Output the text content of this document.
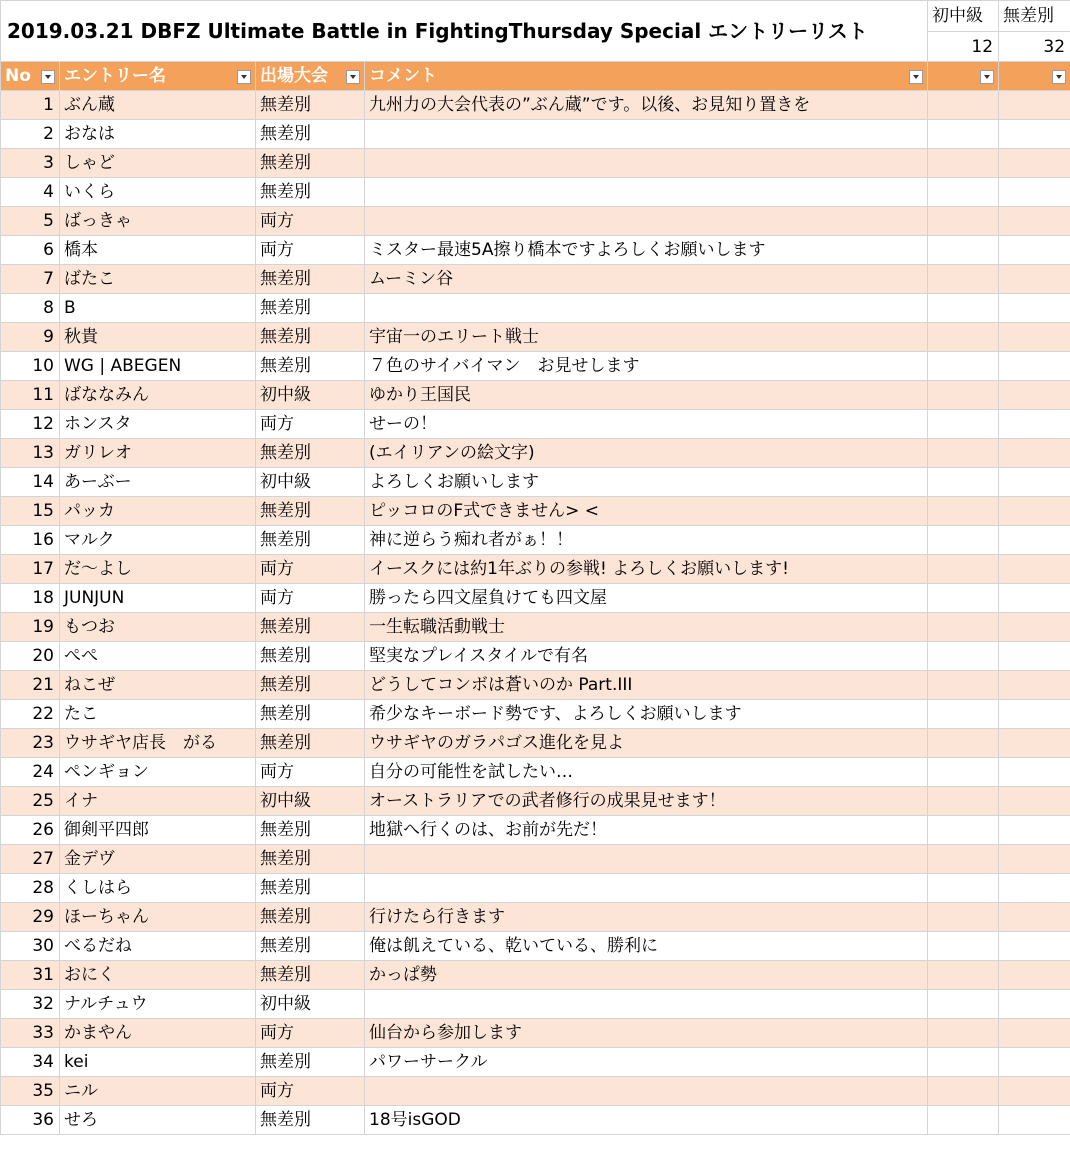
2019.03.21 DBFZ Ultimate Battle in FightingThursday Special エントリーリスト				初中級	無差別
				12	32
No	エントリー名	出場大会	コメント

1	ぶん蔵	無差別	九州力の大会代表の”ぶん蔵”です。以後、お見知り置きを		
2	おなは	無差別			
3	しゃど	無差別			
4	いくら	無差別			
5	ばっきゃ	両方			
6	橋本	両方	ミスター最速5A擦り橋本ですよろしくお願いします		
7	ばたこ	無差別	ムーミン谷		
8	B	無差別			
9	秋貴	無差別	宇宙一のエリート戦士		
10	WG | ABEGEN	無差別	７色のサイバイマン　お見せします		
11	ばななみん	初中級	ゆかり王国民		
12	ホンスタ	両方	せーの！		
13	ガリレオ	無差別	(エイリアンの絵文字)		
14	あーぶー	初中級	よろしくお願いします		
15	パッカ	無差別	ピッコロのF式できません> <		
16	マルク	無差別	神に逆らう痴れ者がぁ！！		
17	だ〜よし	両方	イースクには約1年ぶりの参戦! よろしくお願いします!		
18	JUNJUN	両方	勝ったら四文屋負けても四文屋		
19	もつお	無差別	一生転職活動戦士		
20	ぺぺ	無差別	堅実なプレイスタイルで有名		
21	ねこぜ	無差別	どうしてコンボは蒼いのか Part.III		
22	たこ	無差別	希少なキーボード勢です、よろしくお願いします		
23	ウサギヤ店長　がる	無差別	ウサギヤのガラパゴス進化を見よ		
24	ペンギョン	両方	自分の可能性を試したい…		
25	イナ	初中級	オーストラリアでの武者修行の成果見せます！		
26	御剣平四郎	無差別	地獄へ行くのは、お前が先だ！		
27	金デヴ	無差別			
28	くしはら	無差別			
29	ほーちゃん	無差別	行けたら行きます		
30	べるだね	無差別	俺は飢えている、乾いている、勝利に		
31	おにく	無差別	かっぱ勢		
32	ナルチュウ	初中級			
33	かまやん	両方	仙台から参加します		
34	kei	無差別	パワーサークル		
35	ニル	両方			
36	せろ	無差別	18号isGOD		
